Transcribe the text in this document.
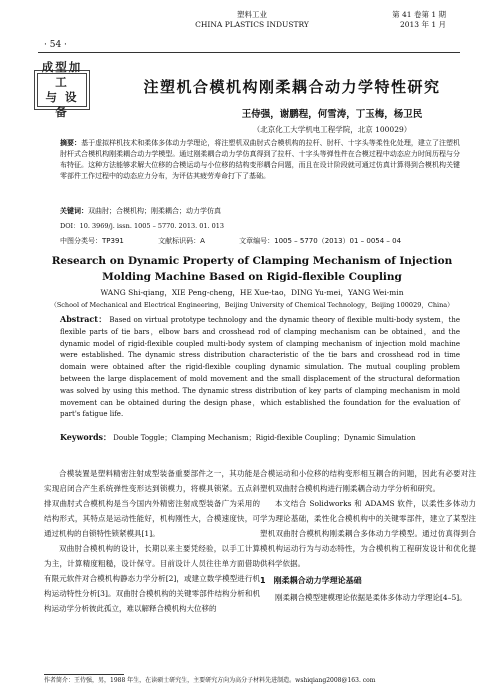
· 54 ·
塑料工业
CHINA PLASTICS INDUSTRY
第 41 卷第 1 期
2013 年 1 月
成型加工
与 设 备
注塑机合模机构刚柔耦合动力学特性研究
王侍强，谢鹏程，何雪涛，丁玉梅，杨卫民
（北京化工大学机电工程学院，北京 100029）
摘要：基于虚拟样机技术和柔体多体动力学理论，将注塑机双曲肘式合模机构的拉杆、肘杆、十字头等柔性化处理，建立了注塑机肘杆式合模机构刚柔耦合动力学模型。通过刚柔耦合动力学仿真得到了拉杆、十字头等弹性件在合模过程中动态应力时间历程与分布特征。这种方法能够求解大位移的合模运动与小位移的结构变形耦合问题，而且在设计阶段就可通过仿真计算得到合模机构关键零部件工作过程中的动态应力分布，为评估其疲劳寿命打下了基础。
关键词：双曲肘；合模机构；刚柔耦合；动力学仿真
DOI：10. 3969/j. issn. 1005 – 5770. 2013. 01. 013
中图分类号：TP391	文献标识码：A	文章编号：1005 – 5770（2013）01 – 0054 – 04
Research on Dynamic Property of Clamping Mechanism of Injection
Molding Machine Based on Rigid-flexible Coupling
WANG Shi-qiang，XIE Peng-cheng，HE Xue-tao，DING Yu-mei，YANG Wei-min
（School of Mechanical and Electrical Engineering，Beijing University of Chemical Technology，Beijing 100029，China）
Abstract： Based on virtual prototype technology and the dynamic theory of flexible multi-body system，the flexible parts of tie bars，elbow bars and crosshead rod of clamping mechanism can be obtained，and the dynamic model of rigid-flexible coupled multi-body system of clamping mechanism of injection mold machine were established. The dynamic stress distribution characteristic of the tie bars and crosshead rod in time domain were obtained after the rigid-flexible coupling dynamic simulation. The mutual coupling problem between the large displacement of mold movement and the small displacement of the structural deformation was solved by using this method. The dynamic stress distribution of key parts of clamping mechanism in mold movement can be obtained during the design phase，which established the foundation for the evaluation of part's fatigue life.
Keywords： Double Toggle；Clamping Mechanism；Rigid-flexible Coupling；Dynamic Simulation

合模装置是塑料精密注射成型装备重要部件之一，其功能是实现启闭合产生系统弹性变形达到锁模力，将模具锁紧。五点斜排双曲肘式合模机构是当今国内外精密注射成型装备广为采用的结构形式，其特点是运动性能好，机构刚性大，合模速度快，可通过机构的自锁特性锁紧模具[1]。

双曲肘合模机构的设计，长期以来主要凭经验，以手工计算为主，计算精度粗糙，设计保守。目前设计人员往往单方面借助有限元软件对合模机构静态力学分析[2]，或建立数学模型进行机构运动特性分析[3]。双曲肘合模机构的关键零部件结构分析和机构运动学分析彼此孤立，难以解释合模机构大位移的

合模运动和小位移的结构变形相互耦合的问题，因此有必要对注塑机双曲肘合模机构进行刚柔耦合动力学分析和研究。

本文结合 Solidworks 和 ADAMS 软件，以柔性多体动力学为理论基础，柔性化合模机构中的关键零部件，建立了某型注塑机双曲肘合模机构刚柔耦合多体动力学模型。通过仿真得到合模机构运动行为与动态特性，为合模机构工程研发设计和优化提供科学依据。

1　刚柔耦合动力学理论基础

刚柔耦合模型建模理论依据是柔体多体动力学理论[4–5]。

作者简介：王侍强，男，1988 年生，在读硕士研究生，主要研究方向为高分子材料先进制造。wshiqiang2008@163. com
